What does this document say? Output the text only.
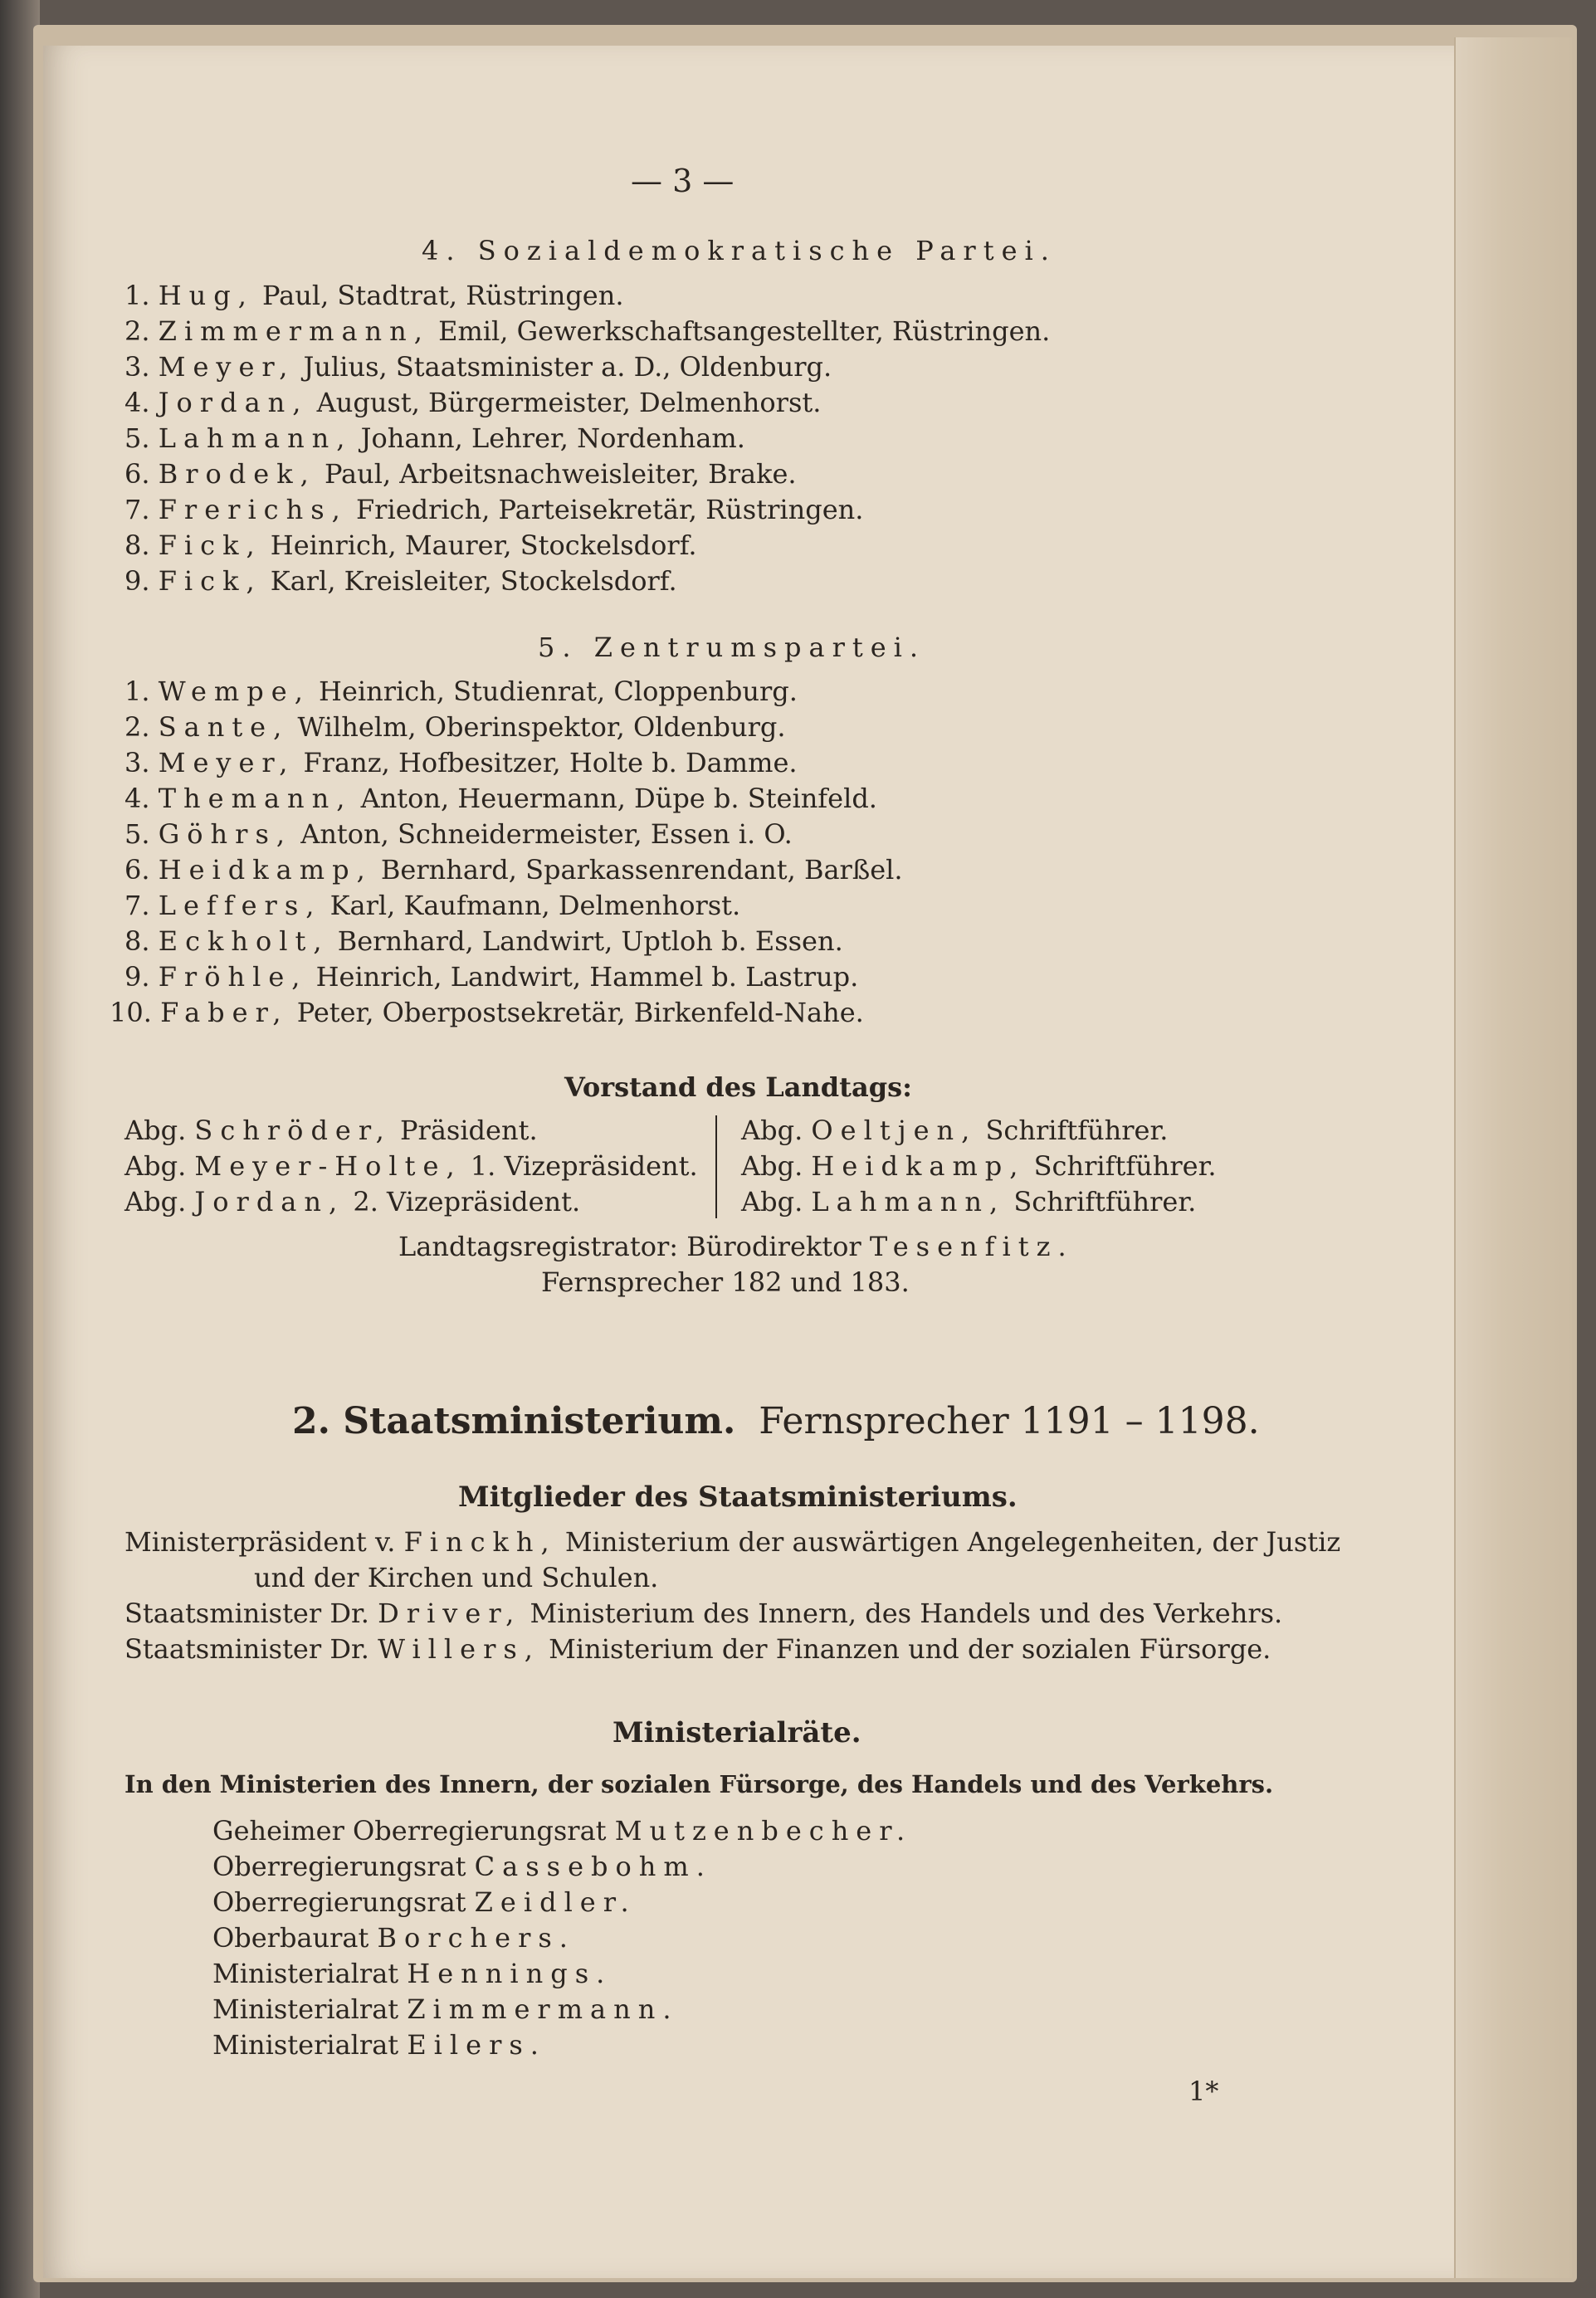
— 3 —
4. Sozialdemokratische Partei.
1. Hug, Paul, Stadtrat, Rüstringen.
2. Zimmermann, Emil, Gewerkschaftsangestellter, Rüstringen.
3. Meyer, Julius, Staatsminister a. D., Oldenburg.
4. Jordan, August, Bürgermeister, Delmenhorst.
5. Lahmann, Johann, Lehrer, Nordenham.
6. Brodek, Paul, Arbeitsnachweisleiter, Brake.
7. Frerichs, Friedrich, Parteisekretär, Rüstringen.
8. Fick, Heinrich, Maurer, Stockelsdorf.
9. Fick, Karl, Kreisleiter, Stockelsdorf.
5. Zentrumspartei.
1. Wempe, Heinrich, Studienrat, Cloppenburg.
2. Sante, Wilhelm, Oberinspektor, Oldenburg.
3. Meyer, Franz, Hofbesitzer, Holte b. Damme.
4. Themann, Anton, Heuermann, Düpe b. Steinfeld.
5. Göhrs, Anton, Schneidermeister, Essen i. O.
6. Heidkamp, Bernhard, Sparkassenrendant, Barßel.
7. Leffers, Karl, Kaufmann, Delmenhorst.
8. Eckholt, Bernhard, Landwirt, Uptloh b. Essen.
9. Fröhle, Heinrich, Landwirt, Hammel b. Lastrup.
10. Faber, Peter, Oberpostsekretär, Birkenfeld-Nahe.
Vorstand des Landtags:
Abg. Schröder, Präsident.
Abg. Meyer-Holte, 1. Vizepräsident.
Abg. Jordan, 2. Vizepräsident.
Abg. Oeltjen, Schriftführer.
Abg. Heidkamp, Schriftführer.
Abg. Lahmann, Schriftführer.
Landtagsregistrator: Bürodirektor Tesenfitz.
Fernsprecher 182 und 183.
2. Staatsministerium. Fernsprecher 1191 – 1198.
Mitglieder des Staatsministeriums.
Ministerpräsident v. Finckh, Ministerium der auswärtigen Angelegenheiten, der Justiz
und der Kirchen und Schulen.
Staatsminister Dr. Driver, Ministerium des Innern, des Handels und des Verkehrs.
Staatsminister Dr. Willers, Ministerium der Finanzen und der sozialen Fürsorge.
Ministerialräte.
In den Ministerien des Innern, der sozialen Fürsorge, des Handels und des Verkehrs.
Geheimer Oberregierungsrat Mutzenbecher.
Oberregierungsrat Cassebohm.
Oberregierungsrat Zeidler.
Oberbaurat Borchers.
Ministerialrat Hennings.
Ministerialrat Zimmermann.
Ministerialrat Eilers.
1*
